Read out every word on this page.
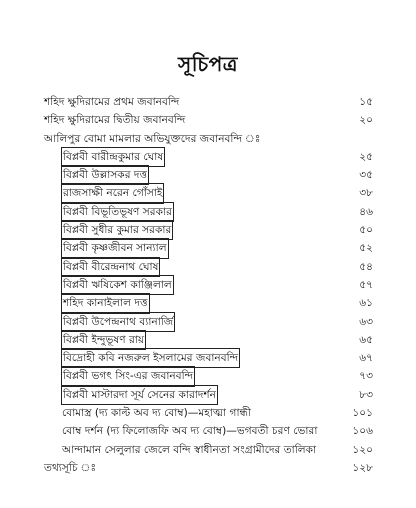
সূচিপত্র
শহিদ ক্ষুদিরামের প্রথম জবানবন্দি	১৫
শহিদ ক্ষুদিরামের দ্বিতীয় জবানবন্দি	২০
আলিপুর বোমা মামলার অভিযুক্তদের জবানবন্দি ঃ
বিপ্লবী বারীন্দ্রকুমার ঘোষ	২৫
বিপ্লবী উল্লাসকর দত্ত	৩৫
রাজসাক্ষী নরেন গোঁসাই	৩৮
বিপ্লবী বিভূতিভূষণ সরকার	৪৬
বিপ্লবী সুধীর কুমার সরকার	৫০
বিপ্লবী কৃষ্ণজীবন সান্যাল	৫২
বিপ্লবী বীরেন্দ্রনাথ ঘোষ	৫৪
বিপ্লবী ঋষিকেশ কাঞ্জিলাল	৫৭
শহিদ কানাইলাল দত্ত	৬১
বিপ্লবী উপেন্দ্রনাথ ব্যানার্জি	৬৩
বিপ্লবী ইন্দুভূষণ রায়	৬৫
বিদ্রোহী কবি নজরুল ইসলামের জবানবন্দি	৬৭
বিপ্লবী ভগৎ সিং-এর জবানবন্দি	৭৩
বিপ্লবী মাস্টারদা সূর্য সেনের কারাদর্শন	৮৩
বোমাস্ত্র (দ্য কাল্ট অব দ্য বোম্ব)—মহাত্মা গান্ধী	১০১
বোম্ব দর্শন (দ্য ফিলোজফি অব দ্য বোম্ব)—ভগবতী চরণ ভোরা	১০৬
আন্দামান সেলুলার জেলে বন্দি স্বাধীনতা সংগ্রামীদের তালিকা	১২০
তথ্যসূচি ঃ	১২৮
